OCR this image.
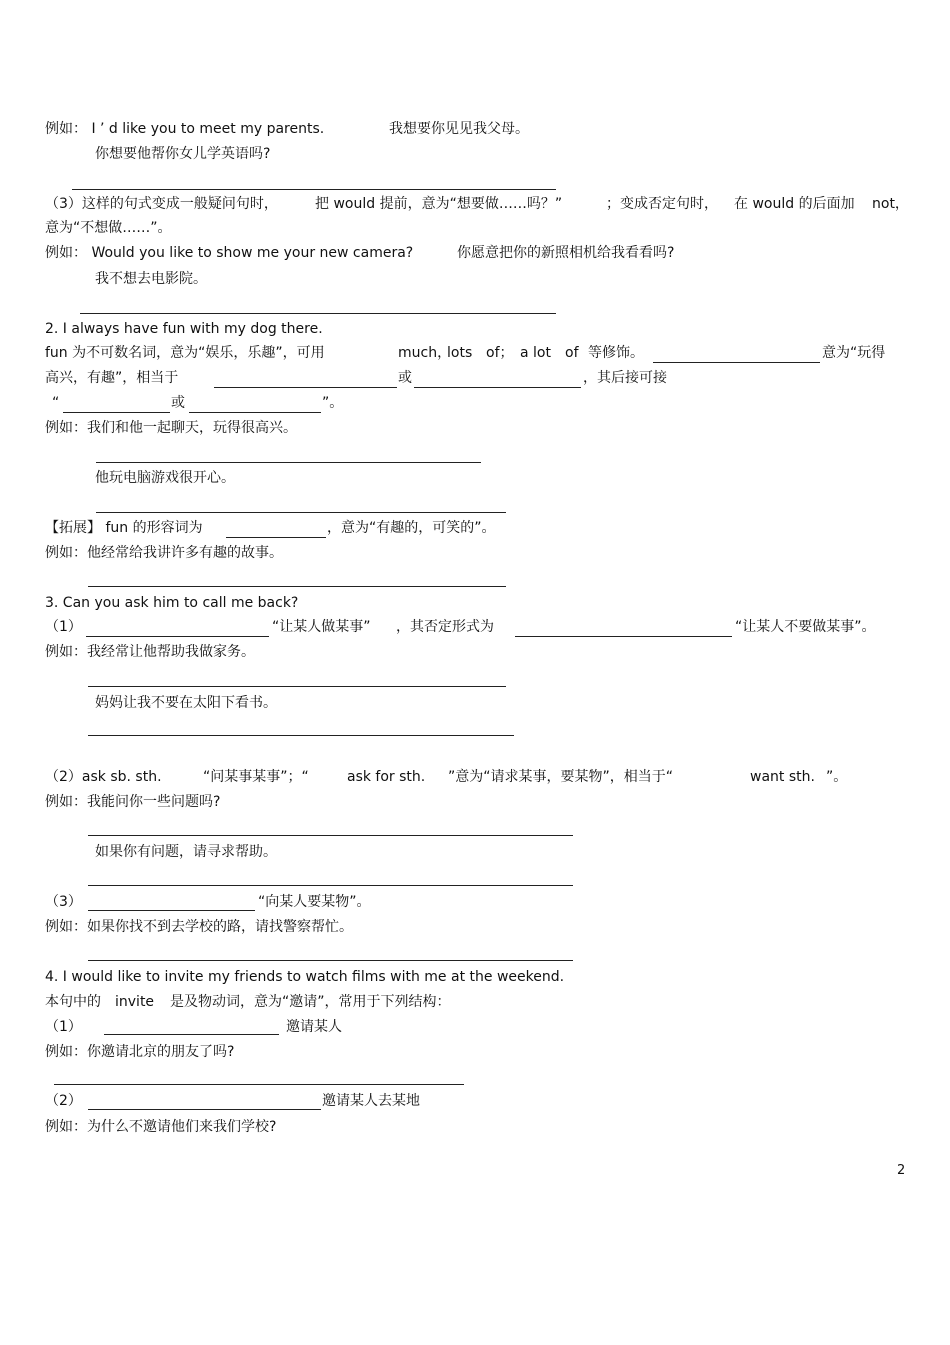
例如： I ’ d like you to meet my parents.	我想要你见见我父母。
你想要他帮你女儿学英语吗?
（3）这样的句式变成一般疑问句时，	把 would 提前，意为“想要做……吗？”	；变成否定句时， 在 would 的后面加 not，
意为“不想做……”。
例如： Would you like to show me your new camera?	你愿意把你的新照相机给我看看吗?
我不想去电影院。
2. I always have fun with my dog there.
fun 为不可数名词，意为“娱乐，乐趣”，可用	much，
lots of； a lot of 等修饰。	意为“玩得
高兴，有趣”，相当于	或	，其后接可接
“	或	”。
例如：我们和他一起聊天，玩得很高兴。
他玩电脑游戏很开心。
【拓展】 fun 的形容词为	，意为“有趣的，可笑的”。
例如：他经常给我讲许多有趣的故事。
3. Can you ask him to call me back?
（1）	“让某人做某事” ，其否定形式为	“让某人不要做某事”。
例如：我经常让他帮助我做家务。
妈妈让我不要在太阳下看书。
（2）ask sb. sth.	“问某事某事”；“	ask for sth. ”意为“请求某事，要某物”，相当于“	want sth. ”。
例如：我能问你一些问题吗?
如果你有问题，请寻求帮助。
（3）	“向某人要某物”。
例如：如果你找不到去学校的路，请找警察帮忙。
4. I would like to invite my friends to watch films with me at the weekend.
本句中的 invite 是及物动词，意为“邀请”，常用于下列结构：
（1）	邀请某人
例如：你邀请北京的朋友了吗?
（2）	邀请某人去某地
例如：为什么不邀请他们来我们学校?
2
